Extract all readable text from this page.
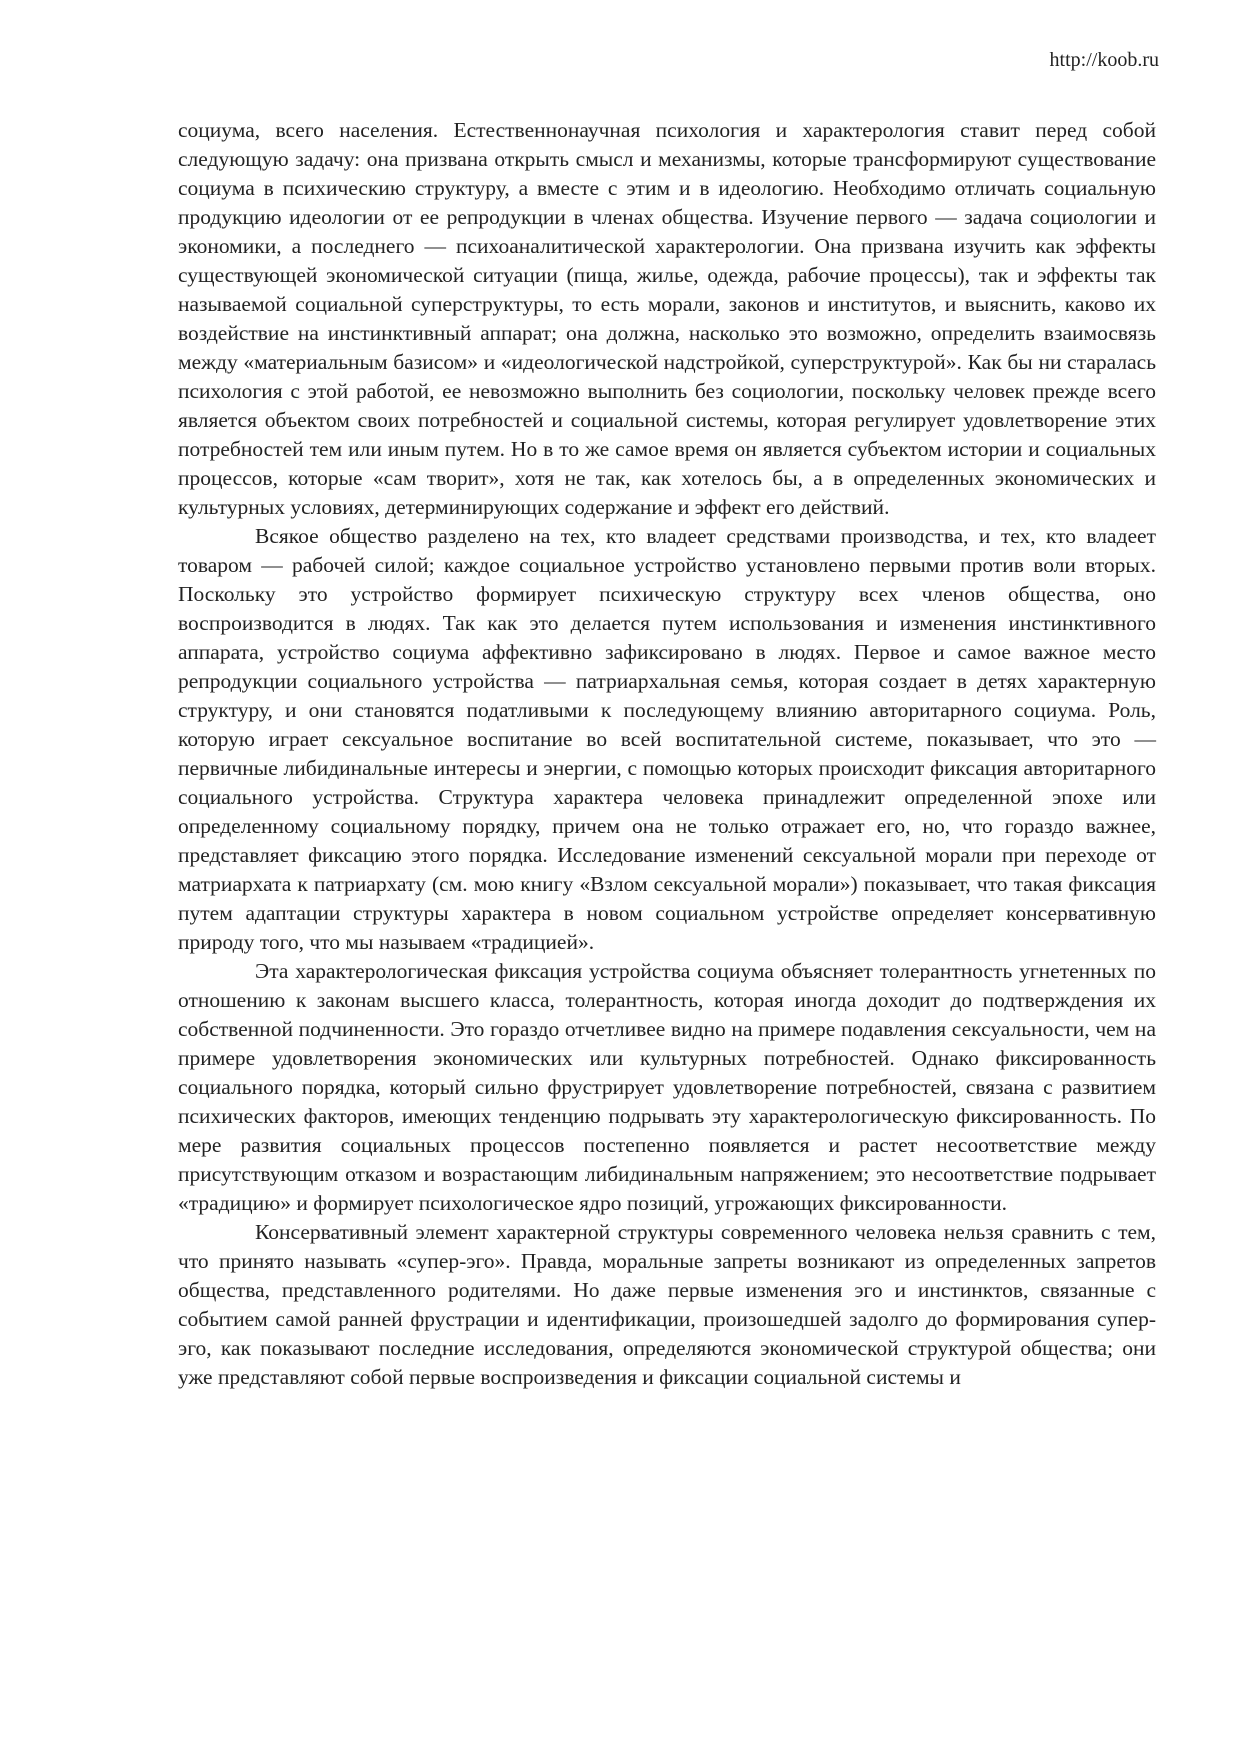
http://koob.ru

социума, всего населения. Естественнонаучная психология и характерология ставит перед собой следующую задачу: она призвана открыть смысл и механизмы, которые трансформируют существование социума в психическию структуру, а вместе с этим и в идеологию. Необходимо отличать социальную продукцию идеологии от ее репродукции в членах общества. Изучение первого — задача социологии и экономики, а последнего — психоаналитической характерологии. Она призвана изучить как эффекты существующей экономической ситуации (пища, жилье, одежда, рабочие процессы), так и эффекты так называемой социальной суперструктуры, то есть морали, законов и институтов, и выяснить, каково их воздействие на инстинктивный аппарат; она должна, насколько это возможно, определить взаимосвязь между «материальным базисом» и «идеологической надстройкой, суперструктурой». Как бы ни старалась психология с этой работой, ее невозможно выполнить без социологии, поскольку человек прежде всего является объектом своих потребностей и социальной системы, которая регулирует удовлетворение этих потребностей тем или иным путем. Но в то же самое время он является субъектом истории и социальных процессов, которые «сам творит», хотя не так, как хотелось бы, а в определенных экономических и культурных условиях, детерминирующих содержание и эффект его действий.

Всякое общество разделено на тех, кто владеет средствами производства, и тех, кто владеет товаром — рабочей силой; каждое социальное устройство установлено первыми против воли вторых. Поскольку это устройство формирует психическую структуру всех членов общества, оно воспроизводится в людях. Так как это делается путем использования и изменения инстинктивного аппарата, устройство социума аффективно зафиксировано в людях. Первое и самое важное место репродукции социального устройства — патриархальная семья, которая создает в детях характерную структуру, и они становятся податливыми к последующему влиянию авторитарного социума. Роль, которую играет сексуальное воспитание во всей воспитательной системе, показывает, что это — первичные либидинальные интересы и энергии, с помощью которых происходит фиксация авторитарного социального устройства. Структура характера человека принадлежит определенной эпохе или определенному социальному порядку, причем она не только отражает его, но, что гораздо важнее, представляет фиксацию этого порядка. Исследование изменений сексуальной морали при переходе от матриархата к патриархату (см. мою книгу «Взлом сексуальной морали») показывает, что такая фиксация путем адаптации структуры характера в новом социальном устройстве определяет консервативную природу того, что мы называем «традицией».

Эта характерологическая фиксация устройства социума объясняет толерантность угнетенных по отношению к законам высшего класса, толерантность, которая иногда доходит до подтверждения их собственной подчиненности. Это гораздо отчетливее видно на примере подавления сексуальности, чем на примере удовлетворения экономических или культурных потребностей. Однако фиксированность социального порядка, который сильно фрустрирует удовлетворение потребностей, связана с развитием психических факторов, имеющих тенденцию подрывать эту характерологическую фиксированность. По мере развития социальных процессов постепенно появляется и растет несоответствие между присутствующим отказом и возрастающим либидинальным напряжением; это несоответствие подрывает «традицию» и формирует психологическое ядро позиций, угрожающих фиксированности.

Консервативный элемент характерной структуры современного человека нельзя сравнить с тем, что принято называть «супер-эго». Правда, моральные запреты возникают из определенных запретов общества, представленного родителями. Но даже первые изменения эго и инстинктов, связанные с событием самой ранней фрустрации и идентификации, произошедшей задолго до формирования супер-эго, как показывают последние исследования, определяются экономической структурой общества; они уже представляют собой первые воспроизведения и фиксации социальной системы и
